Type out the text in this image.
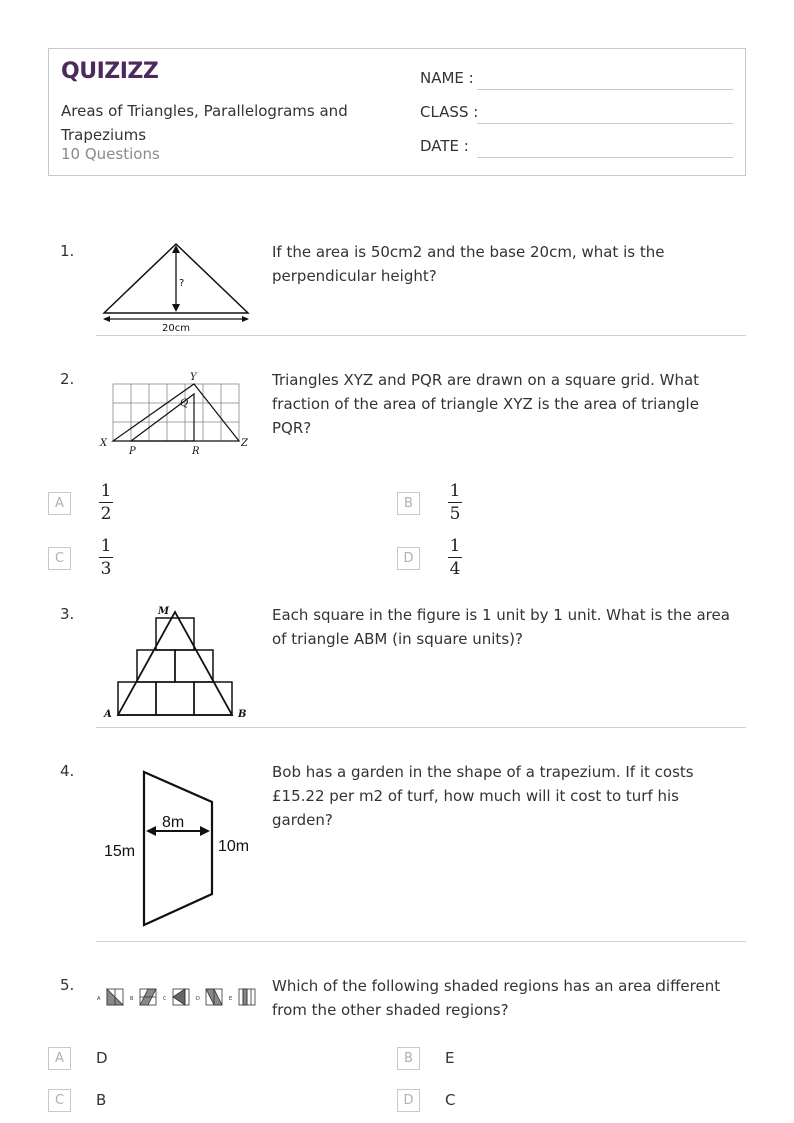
QUIZIZZ
Areas of Triangles, Parallelograms and Trapeziums
10 Questions
NAME :
CLASS :
DATE :
1.
?
20cm
If the area is 50cm2 and the base 20cm, what is the perpendicular height?
2.
X
Y
Z
P
Q
R
Triangles XYZ and PQR are drawn on a square grid. What fraction of the area of triangle XYZ is the area of triangle PQR?
A
1
2
B
1
5
C
1
3
D
1
4
3.	M
A	B
Each square in the figure is 1 unit by 1 unit. What is the area of triangle ABM (in square units)?
4.
8m
15m	10m
Bob has a garden in the shape of a trapezium. If it costs £15.22 per m2 of turf, how much will it cost to turf his garden?
5.
A	B	C	D	E
Which of the following shaded regions has an area different from the other shaded regions?
A	D	B	E
C	B	D	C
